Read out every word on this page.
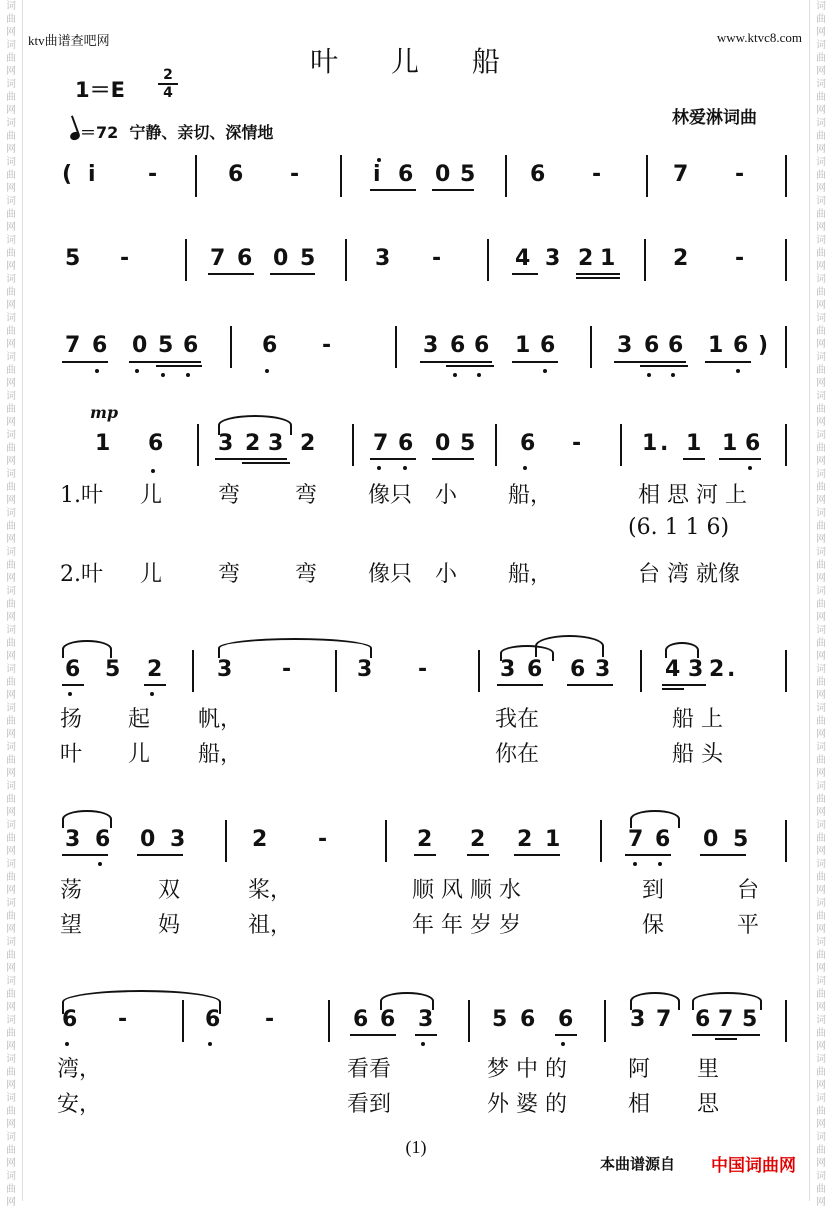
词
曲
网
词
曲
网
词
曲
网
词
曲
网
词
曲
网
词
曲
网
词
曲
网
词
曲
网
词
曲
网
词
曲
网
词
曲
网
词
曲
网
词
曲
网
词
曲
网
词
曲
网
词
曲
网
词
曲
网
词
曲
网
词
曲
网
词
曲
网
词
曲
网
词
曲
网
词
曲
网
词
曲
网
词
曲
网
词
曲
网
词
曲
网
词
曲
网
词
曲
网
词
曲
网
词
曲
网
词
曲
网
词
曲
网
词
曲
网
词
曲
网
词
曲
网
词
曲
网
词
曲
网
词
曲
网
词
曲
网
词
曲
网
词
曲
网
词
曲
网
词
曲
网
词
曲
网
词
曲
网
词
曲
网
词
曲
网
词
曲
网
词
曲
网
词
曲
网
词
曲
网
词
曲
网
词
曲
网
词
曲
网
词
曲
网
词
曲
网
词
曲
网
词
曲
网
词
曲
网
词
曲
网
词
曲
网
ktv曲谱查吧网	www.ktvc8.com
叶 儿 船
1＝E
2
4
林爱淋词曲
＝72 宁静、亲切、深情地
mp
( i -	6 -	i 6 0 5 6 -	7 -
5 -	7 6 0 5	3 -	4 3 2 1	2 -
7 6 0 5 6	6 -	3 6 6 1 6	3 6 6 1 6 )
1 6 3 2 3 2	7 6 0 5 6 -	1 . 1 1 6
6 5 2 3 -	3 -	3 6 6 3 4 3 2 .
3 6 0 3	2 -	2 2 2 1	7 6 0 5
6 -	6 -	6 6 3	5 6 6	3 7 6 7 5
1.叶 儿	弯 弯 像只 小 船，	相 思 河 上
(6. 1 1 6)
2.叶 儿	弯 弯 像只 小 船，	台 湾 就像
扬 起 帆，	我在	船 上
叶 儿 船，	你在	船 头
荡	双	桨，	顺 风 顺 水	到	台
望	妈	祖，	年 年 岁 岁	保	平
湾，	看看	梦 中 的	阿 里
安，	看到	外 婆 的	相 思
(1)
本曲谱源自 中国词曲网
